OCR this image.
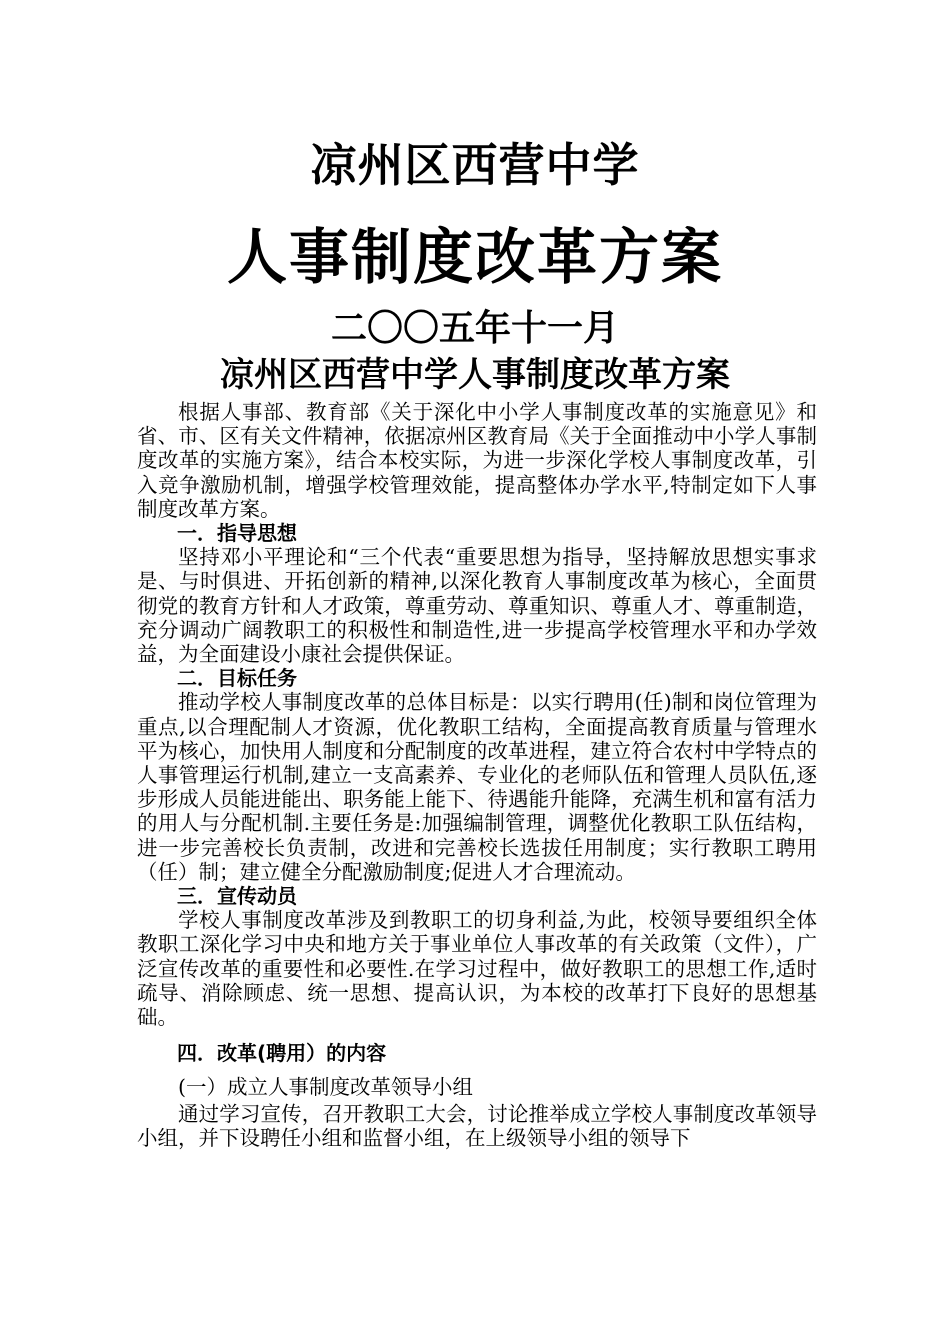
凉州区西营中学
人事制度改革方案
二〇〇五年十一月
凉州区西营中学人事制度改革方案

根据人事部、教育部《关于深化中小学人事制度改革的实施意见》和省、市、区有关文件精神，依据凉州区教育局《关于全面推动中小学人事制度改革的实施方案》，结合本校实际，为进一步深化学校人事制度改革，引入竞争激励机制，增强学校管理效能，提高整体办学水平,特制定如下人事制度改革方案。

一．指导思想

坚持邓小平理论和“三个代表“重要思想为指导，坚持解放思想实事求是、与时俱进、开拓创新的精神,以深化教育人事制度改革为核心，全面贯彻党的教育方针和人才政策，尊重劳动、尊重知识、尊重人才、尊重制造，充分调动广阔教职工的积极性和制造性,进一步提高学校管理水平和办学效益，为全面建设小康社会提供保证。

二．目标任务

推动学校人事制度改革的总体目标是：以实行聘用(任)制和岗位管理为重点,以合理配制人才资源，优化教职工结构，全面提高教育质量与管理水平为核心，加快用人制度和分配制度的改革进程，建立符合农村中学特点的人事管理运行机制,建立一支高素养、专业化的老师队伍和管理人员队伍,逐步形成人员能进能出、职务能上能下、待遇能升能降，充满生机和富有活力的用人与分配机制.主要任务是:加强编制管理，调整优化教职工队伍结构，进一步完善校长负责制，改进和完善校长选拔任用制度；实行教职工聘用（任）制；建立健全分配激励制度;促进人才合理流动。

三．宣传动员

学校人事制度改革涉及到教职工的切身利益,为此，校领导要组织全体教职工深化学习中央和地方关于事业单位人事改革的有关政策（文件），广泛宣传改革的重要性和必要性.在学习过程中，做好教职工的思想工作,适时疏导、消除顾虑、统一思想、提高认识，为本校的改革打下良好的思想基础。

四．改革(聘用）的内容

(一）成立人事制度改革领导小组

通过学习宣传，召开教职工大会，讨论推举成立学校人事制度改革领导小组，并下设聘任小组和监督小组，在上级领导小组的领导下
